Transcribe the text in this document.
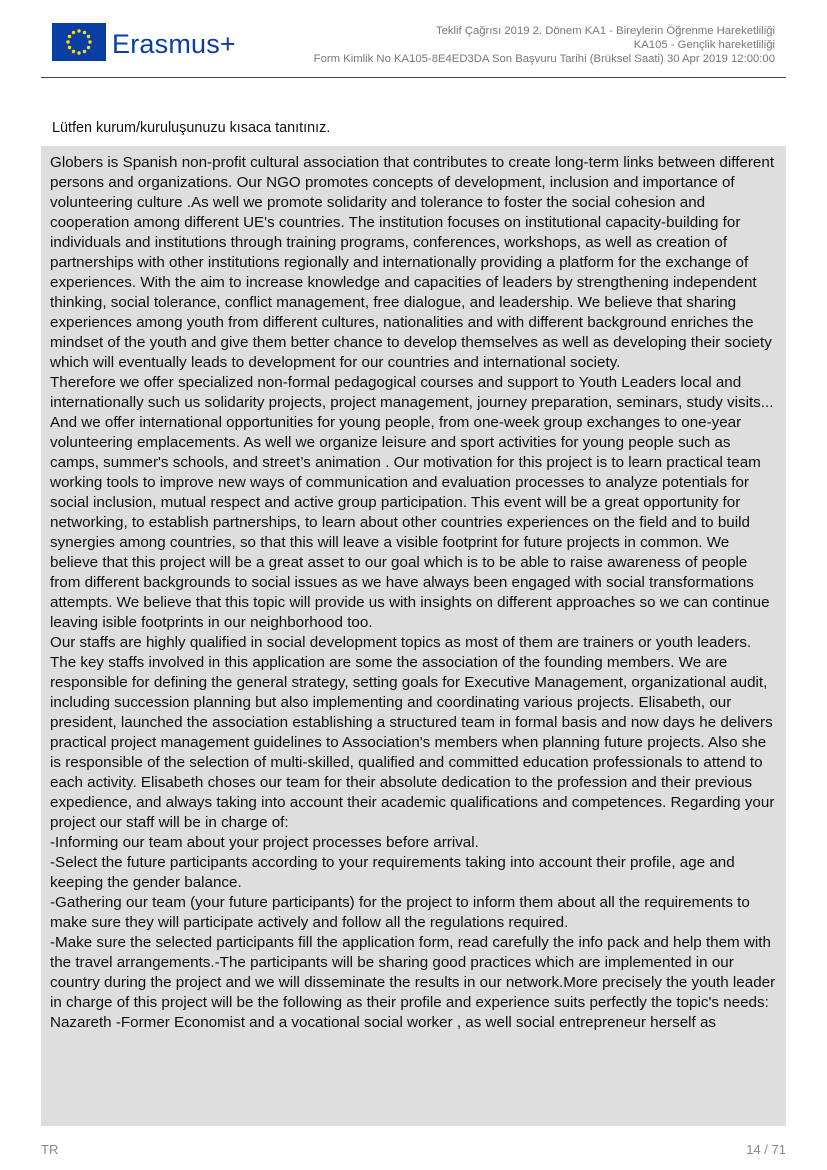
Erasmus+	Teklif Çağrısı 2019 2. Dönem KA1 - Bireylerin Öğrenme Hareketliliği
KA105 - Gençlik hareketliliği
Form Kimlik No KA105-8E4ED3DA Son Başvuru Tarihi (Brüksel Saati) 30 Apr 2019 12:00:00
Lütfen kurum/kuruluşunuzu kısaca tanıtınız.

Globers is Spanish non-profit cultural association that contributes to create long-term links between different persons and organizations. Our NGO promotes concepts of development, inclusion and importance of volunteering culture .As well we promote solidarity and tolerance to foster the social cohesion and cooperation among different UE's countries. The institution focuses on institutional capacity-building for individuals and institutions through training programs, conferences, workshops, as well as creation of partnerships with other institutions regionally and internationally providing a platform for the exchange of experiences. With the aim to increase knowledge and capacities of leaders by strengthening independent thinking, social tolerance, conflict management, free dialogue, and leadership. We believe that sharing experiences among youth from different cultures, nationalities and with different background enriches the mindset of the youth and give them better chance to develop themselves as well as developing their society which will eventually leads to development for our countries and international society.

Therefore we offer specialized non-formal pedagogical courses and support to Youth Leaders local and internationally such us solidarity projects, project management, journey preparation, seminars, study visits... And we offer international opportunities for young people, from one-week group exchanges to one-year volunteering emplacements. As well we organize leisure and sport activities for young people such as camps, summer's schools, and street’s animation . Our motivation for this project is to learn practical team working tools to improve new ways of communication and evaluation processes to analyze potentials for social inclusion, mutual respect and active group participation. This event will be a great opportunity for networking, to establish partnerships, to learn about other countries experiences on the field and to build synergies among countries, so that this will leave a visible footprint for future projects in common. We believe that this project will be a great asset to our goal which is to be able to raise awareness of people from different backgrounds to social issues as we have always been engaged with social transformations attempts. We believe that this topic will provide us with insights on different approaches so we can continue leaving isible footprints in our neighborhood too.

Our staffs are highly qualified in social development topics as most of them are trainers or youth leaders. The key staffs involved in this application are some the association of the founding members. We are responsible for defining the general strategy, setting goals for Executive Management, organizational audit, including succession planning but also implementing and coordinating various projects. Elisabeth, our president, launched the association establishing a structured team in formal basis and now days he delivers practical project management guidelines to Association's members when planning future projects. Also she is responsible of the selection of multi-skilled, qualified and committed education professionals to attend to each activity. Elisabeth choses our team for their absolute dedication to the profession and their previous expedience, and always taking into account their academic qualifications and competences. Regarding your project our staff will be in charge of:

-Informing our team about your project processes before arrival.

-Select the future participants according to your requirements taking into account their profile, age and keeping the gender balance.

-Gathering our team (your future participants) for the project to inform them about all the requirements to make sure they will participate actively and follow all the regulations required.

-Make sure the selected participants fill the application form, read carefully the info pack and help them with the travel arrangements.-The participants will be sharing good practices which are implemented in our country during the project and we will disseminate the results in our network.More precisely the youth leader in charge of this project will be the following as their profile and experience suits perfectly the topic's needs:

Nazareth -Former Economist and a vocational social worker , as well social entrepreneur herself as

TR	14 / 71
